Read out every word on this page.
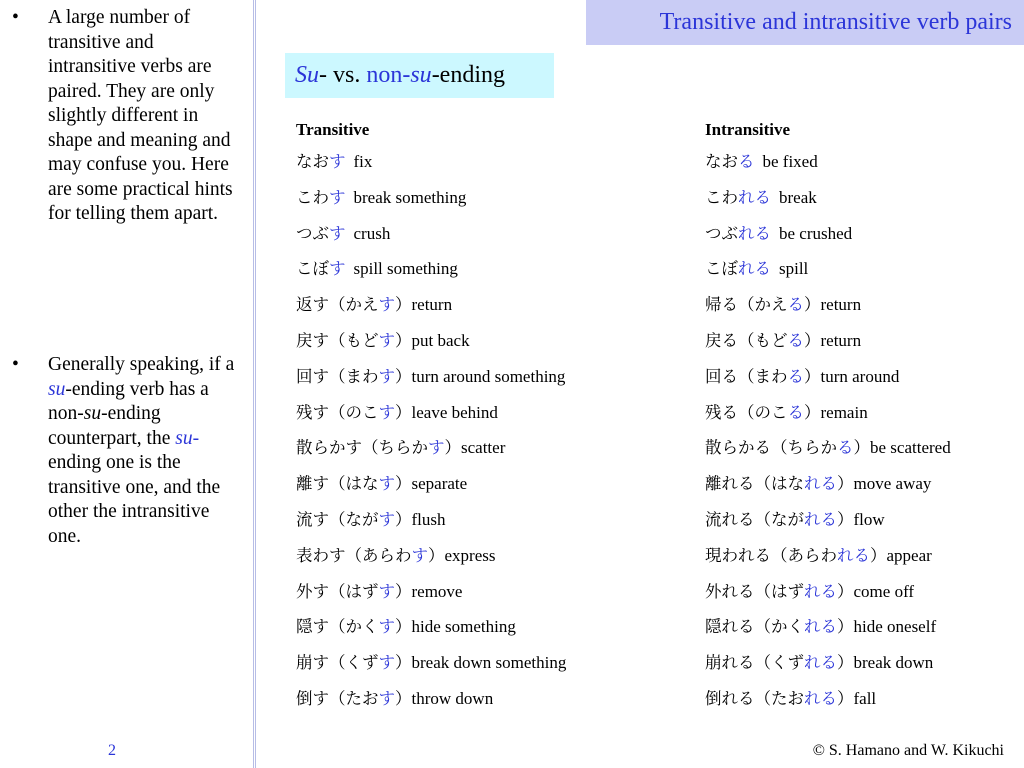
• A large number of transitive and intransitive verbs are paired. They are only slightly different in shape and meaning and may confuse you. Here are some practical hints for telling them apart.
• Generally speaking, if a su-ending verb has a non-su-ending counterpart, the su-ending one is the transitive one, and the other the intransitive one.
2
Transitive and intransitive verb pairs
Su - vs. non- su -ending
Transitive
なおす fix
こわす break something
つぶす crush
こぼす spill something
返す（かえす）return
戻す（もどす）put back
回す（まわす）turn around something
残す（のこす）leave behind
散らかす（ちらかす）scatter
離す（はなす）separate
流す（ながす）flush
表わす（あらわす）express
外す（はずす）remove
隠す（かくす）hide something
崩す（くずす）break down something
倒す（たおす）throw down
Intransitive
なおる be fixed
こわれる break
つぶれる be crushed
こぼれる spill
帰る（かえる）return
戻る（もどる）return
回る（まわる）turn around
残る（のこる）remain
散らかる（ちらかる）be scattered
離れる（はなれる）move away
流れる（ながれる）flow
現われる（あらわれる）appear
外れる（はずれる）come off
隠れる（かくれる）hide oneself
崩れる（くずれる）break down
倒れる（たおれる）fall
© S. Hamano and W. Kikuchi
